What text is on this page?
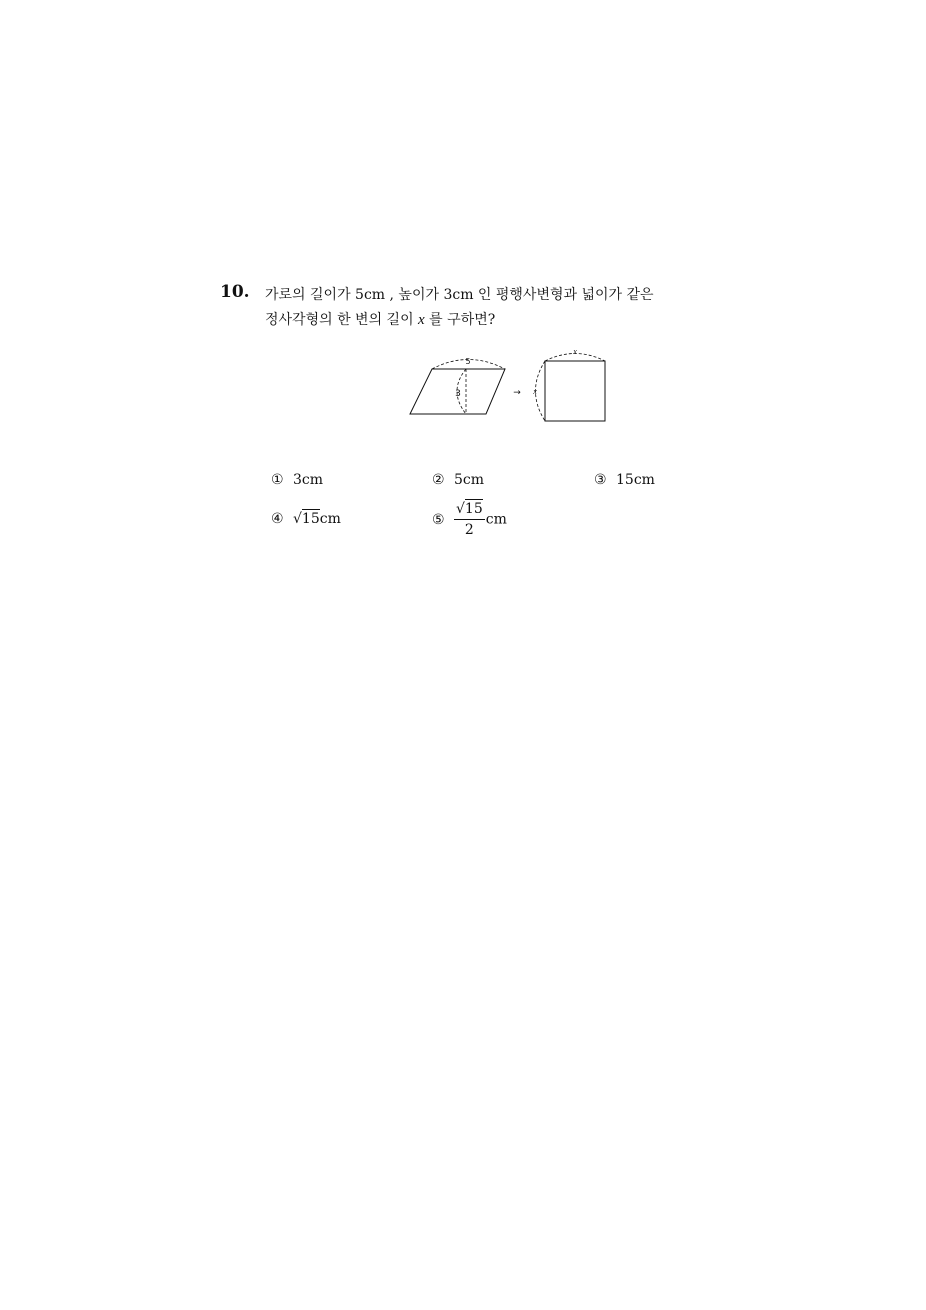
10. 가로의 길이가 5cm , 높이가 3cm 인 평행사변형과 넓이가 같은
정사각형의 한 변의 길이 x 를 구하면?
5
3	→
x
x
① 3cm	② 5cm	③ 15cm
④ √15cm	⑤ $\frac{√15}{2}$ cm
